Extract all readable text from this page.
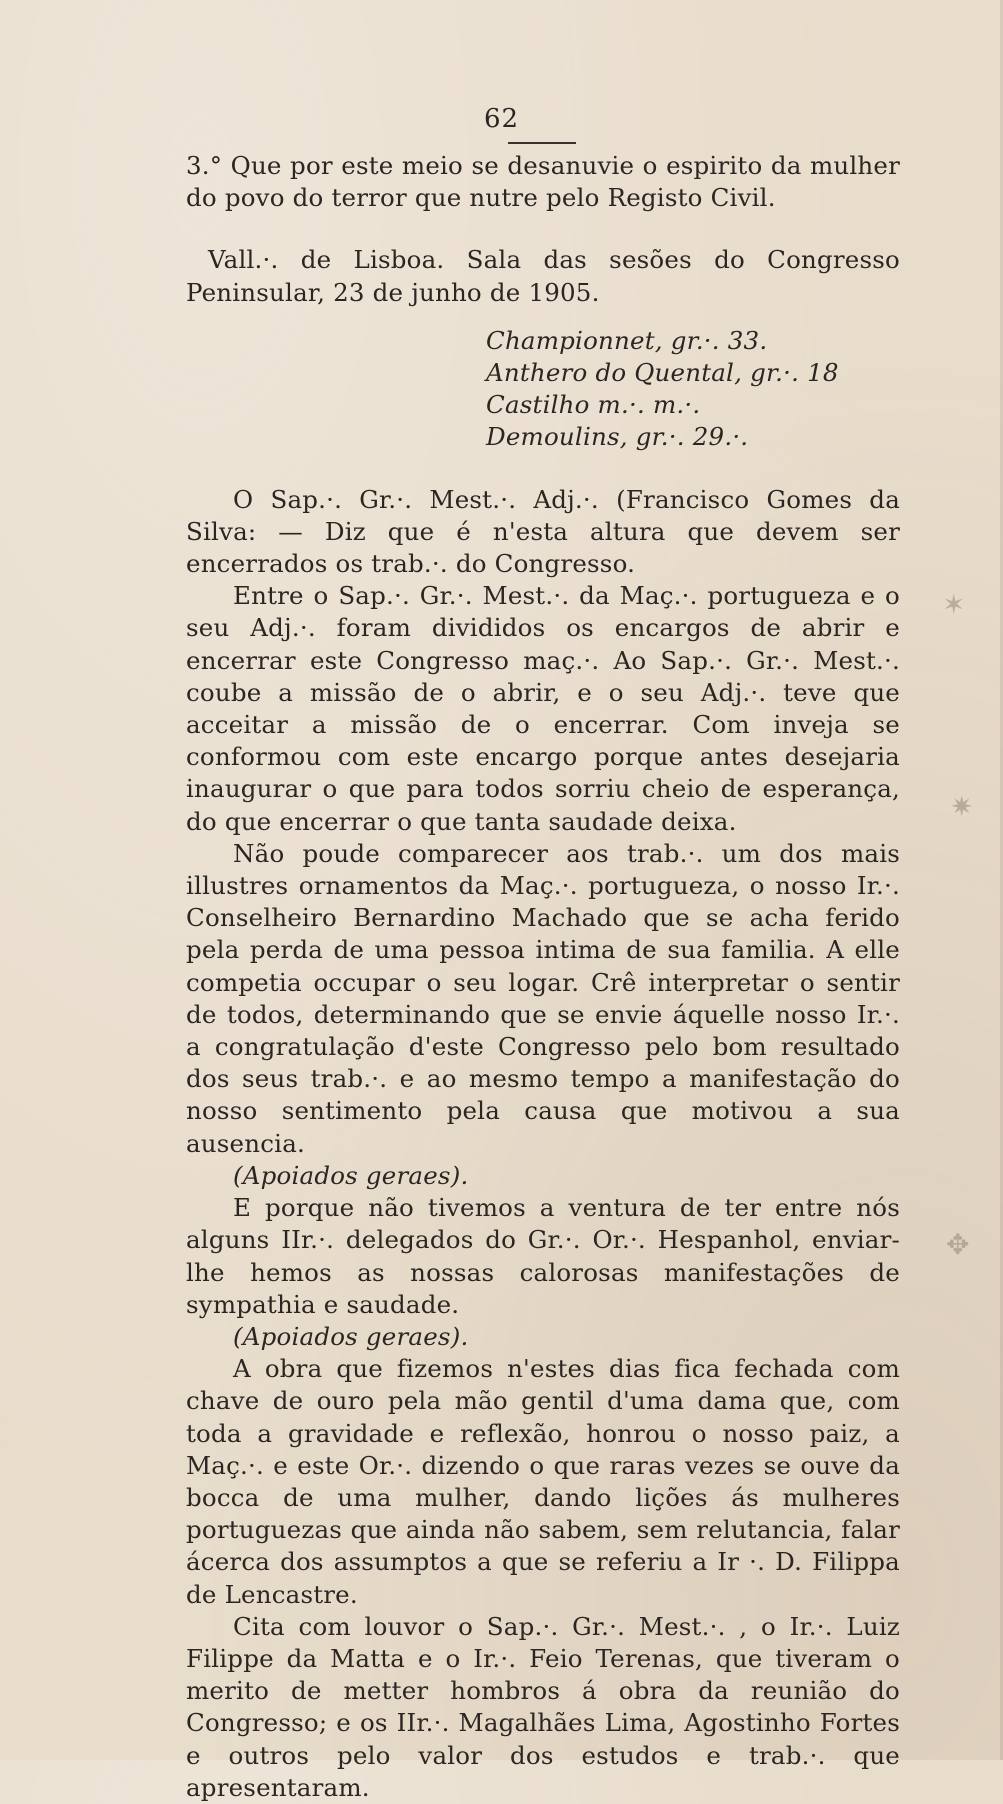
62

3.° Que por este meio se desanuvie o espirito da mulher do povo do terror que nutre pelo Registo Civil.

Vall.·. de Lisboa. Sala das sesões do Congresso Peninsular, 23 de junho de 1905.

Championnet, gr.·. 33.
Anthero do Quental, gr.·. 18
Castilho m.·. m.·.
Demoulins, gr.·. 29.·.

O Sap.·. Gr.·. Mest.·. Adj.·. (Francisco Gomes da Silva: — Diz que é n'esta altura que devem ser encerrados os trab.·. do Congresso.

Entre o Sap.·. Gr.·. Mest.·. da Maç.·. portugueza e o seu Adj.·. foram divididos os encargos de abrir e encerrar este Congresso maç.·. Ao Sap.·. Gr.·. Mest.·. coube a missão de o abrir, e o seu Adj.·. teve que acceitar a missão de o encerrar. Com inveja se conformou com este encargo porque antes desejaria inaugurar o que para todos sorriu cheio de esperança, do que encerrar o que tanta saudade deixa.

Não poude comparecer aos trab.·. um dos mais illustres ornamentos da Maç.·. portugueza, o nosso Ir.·. Conselheiro Bernardino Machado que se acha ferido pela perda de uma pessoa intima de sua familia. A elle competia occupar o seu logar. Crê interpretar o sentir de todos, determinando que se envie áquelle nosso Ir.·. a congratulação d'este Congresso pelo bom resultado dos seus trab.·. e ao mesmo tempo a manifestação do nosso sentimento pela causa que motivou a sua ausencia.

(Apoiados geraes).

E porque não tivemos a ventura de ter entre nós alguns IIr.·. delegados do Gr.·. Or.·. Hespanhol, enviar-lhe hemos as nossas calorosas manifestações de sympathia e saudade.

(Apoiados geraes).

A obra que fizemos n'estes dias fica fechada com chave de ouro pela mão gentil d'uma dama que, com toda a gravidade e reflexão, honrou o nosso paiz, a Maç.·. e este Or.·. dizendo o que raras vezes se ouve da bocca de uma mulher, dando lições ás mulheres portuguezas que ainda não sabem, sem relutancia, falar ácerca dos assumptos a que se referiu a Ir ·. D. Filippa de Lencastre.

Cita com louvor o Sap.·. Gr.·. Mest.·. , o Ir.·. Luiz Filippe da Matta e o Ir.·. Feio Terenas, que tiveram o merito de metter hombros á obra da reunião do Congresso; e os IIr.·. Magalhães Lima, Agostinho Fortes e outros pelo valor dos estudos e trab.·. que apresentaram.

✶
✷
✥
